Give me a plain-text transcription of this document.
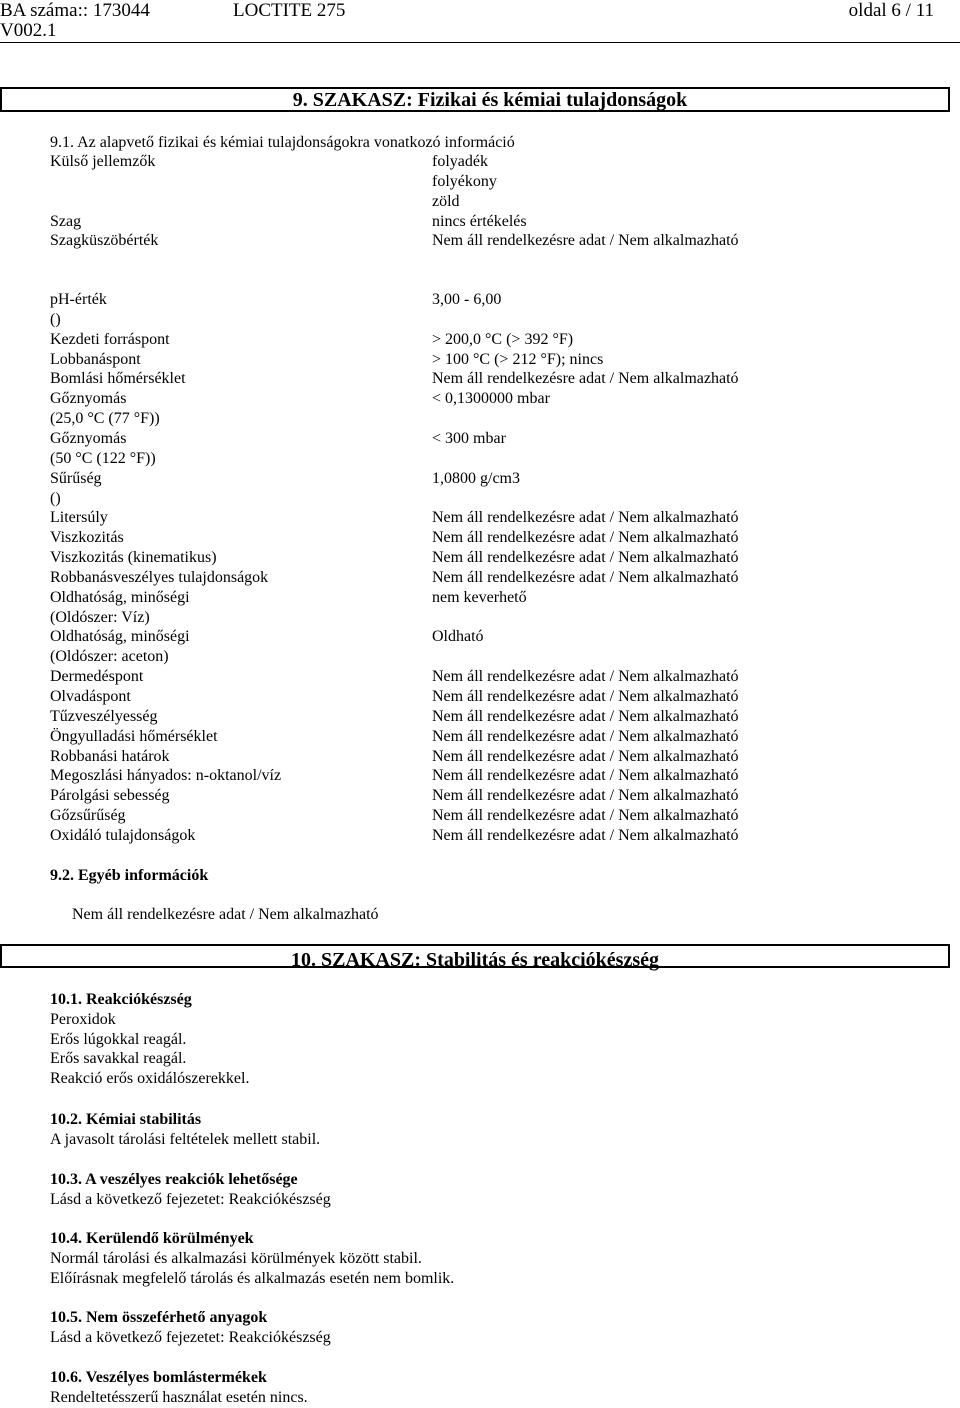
BA száma:: 173044
V002.1
LOCTITE 275	oldal 6 / 11
9. SZAKASZ: Fizikai és kémiai tulajdonságok
9.1. Az alapvető fizikai és kémiai tulajdonságokra vonatkozó információ
Külső jellemzők	folyadék
folyékony
zöld
Szag	nincs értékelés
Szagküszöbérték	Nem áll rendelkezésre adat / Nem alkalmazható
pH-érték	3,00 - 6,00
()
Kezdeti forráspont	> 200,0 °C (> 392 °F)
Lobbanáspont	> 100 °C (> 212 °F); nincs
Bomlási hőmérséklet	Nem áll rendelkezésre adat / Nem alkalmazható
Gőznyomás	< 0,1300000 mbar
(25,0 °C (77 °F))
Gőznyomás	< 300 mbar
(50 °C (122 °F))
Sűrűség	1,0800 g/cm3
()
Litersúly	Nem áll rendelkezésre adat / Nem alkalmazható
Viszkozitás	Nem áll rendelkezésre adat / Nem alkalmazható
Viszkozitás (kinematikus)	Nem áll rendelkezésre adat / Nem alkalmazható
Robbanásveszélyes tulajdonságok	Nem áll rendelkezésre adat / Nem alkalmazható
Oldhatóság, minőségi	nem keverhető
(Oldószer: Víz)
Oldhatóság, minőségi	Oldható
(Oldószer: aceton)
Dermedéspont	Nem áll rendelkezésre adat / Nem alkalmazható
Olvadáspont	Nem áll rendelkezésre adat / Nem alkalmazható
Tűzveszélyesség	Nem áll rendelkezésre adat / Nem alkalmazható
Öngyulladási hőmérséklet	Nem áll rendelkezésre adat / Nem alkalmazható
Robbanási határok	Nem áll rendelkezésre adat / Nem alkalmazható
Megoszlási hányados: n-oktanol/víz	Nem áll rendelkezésre adat / Nem alkalmazható
Párolgási sebesség	Nem áll rendelkezésre adat / Nem alkalmazható
Gőzsűrűség	Nem áll rendelkezésre adat / Nem alkalmazható
Oxidáló tulajdonságok	Nem áll rendelkezésre adat / Nem alkalmazható
9.2. Egyéb információk
Nem áll rendelkezésre adat / Nem alkalmazható
10. SZAKASZ: Stabilitás és reakciókészség
10.1. Reakciókészség
Peroxidok
Erős lúgokkal reagál.
Erős savakkal reagál.
Reakció erős oxidálószerekkel.
10.2. Kémiai stabilitás
A javasolt tárolási feltételek mellett stabil.
10.3. A veszélyes reakciók lehetősége
Lásd a következő fejezetet: Reakciókészség
10.4. Kerülendő körülmények
Normál tárolási és alkalmazási körülmények között stabil.
Előírásnak megfelelő tárolás és alkalmazás esetén nem bomlik.
10.5. Nem összeférhető anyagok
Lásd a következő fejezetet: Reakciókészség
10.6. Veszélyes bomlástermékek
Rendeltetésszerű használat esetén nincs.
